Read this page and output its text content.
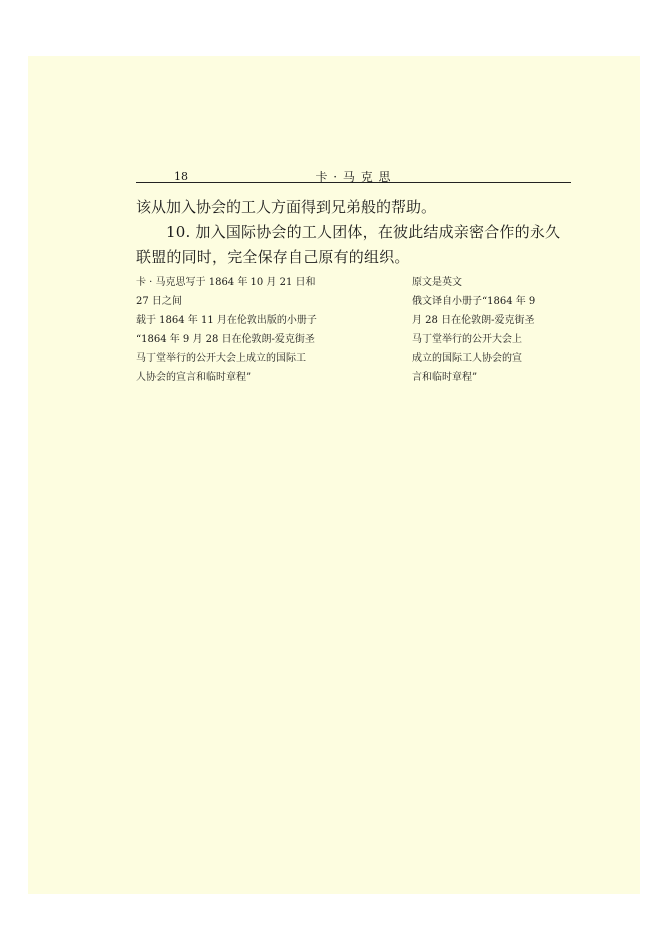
18	卡 · 马 克 思

该从加入协会的工人方面得到兄弟般的帮助。

10. 加入国际协会的工人团体，在彼此结成亲密合作的永久联盟的同时，完全保存自己原有的组织。

卡 · 马克思写于 1864 年 10 月 21 日和
27 日之间
载于 1864 年 11 月在伦敦出版的小册子
“1864 年 9 月 28 日在伦敦朗-爱克街圣
马丁堂举行的公开大会上成立的国际工
人协会的宣言和临时章程”
原文是英文
俄文译自小册子“1864 年 9
月 28 日在伦敦朗-爱克街圣
马丁堂举行的公开大会上
成立的国际工人协会的宣
言和临时章程”
